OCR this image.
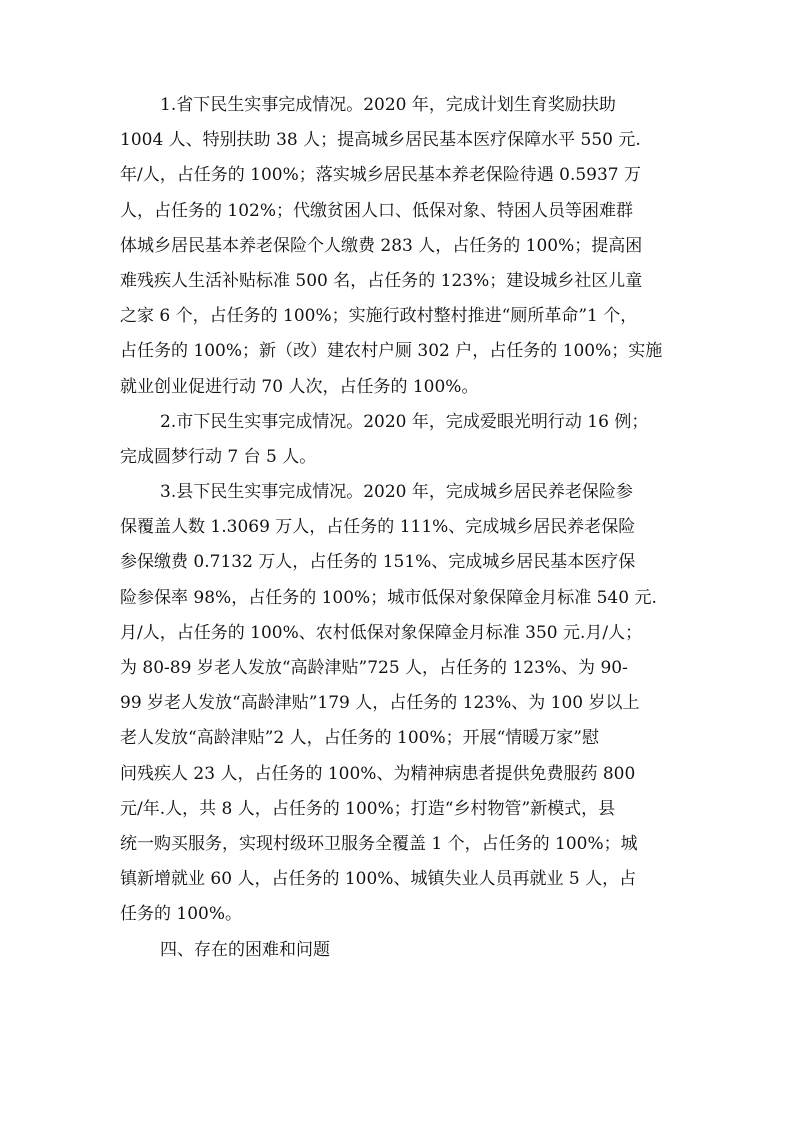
1.省下民生实事完成情况。2020 年，完成计划生育奖励扶助
1004 人、特别扶助 38 人；提高城乡居民基本医疗保障水平 550 元.
年/人，占任务的 100%；落实城乡居民基本养老保险待遇 0.5937 万
人，占任务的 102%；代缴贫困人口、低保对象、特困人员等困难群
体城乡居民基本养老保险个人缴费 283 人，占任务的 100%；提高困
难残疾人生活补贴标准 500 名，占任务的 123%；建设城乡社区儿童
之家 6 个，占任务的 100%；实施行政村整村推进“厕所革命”1 个，
占任务的 100%；新（改）建农村户厕 302 户，占任务的 100%；实施
就业创业促进行动 70 人次，占任务的 100%。
2.市下民生实事完成情况。2020 年，完成爱眼光明行动 16 例；
完成圆梦行动 7 台 5 人。
3.县下民生实事完成情况。2020 年，完成城乡居民养老保险参
保覆盖人数 1.3069 万人，占任务的 111%、完成城乡居民养老保险
参保缴费 0.7132 万人，占任务的 151%、完成城乡居民基本医疗保
险参保率 98%，占任务的 100%；城市低保对象保障金月标准 540 元.
月/人，占任务的 100%、农村低保对象保障金月标准 350 元.月/人；
为 80-89 岁老人发放“高龄津贴”725 人，占任务的 123%、为 90-
99 岁老人发放“高龄津贴”179 人，占任务的 123%、为 100 岁以上
老人发放“高龄津贴”2 人，占任务的 100%；开展“情暖万家”慰
问残疾人 23 人，占任务的 100%、为精神病患者提供免费服药 800
元/年.人，共 8 人，占任务的 100%；打造“乡村物管”新模式，县
统一购买服务，实现村级环卫服务全覆盖 1 个，占任务的 100%；城
镇新增就业 60 人，占任务的 100%、城镇失业人员再就业 5 人，占
任务的 100%。
四、存在的困难和问题
